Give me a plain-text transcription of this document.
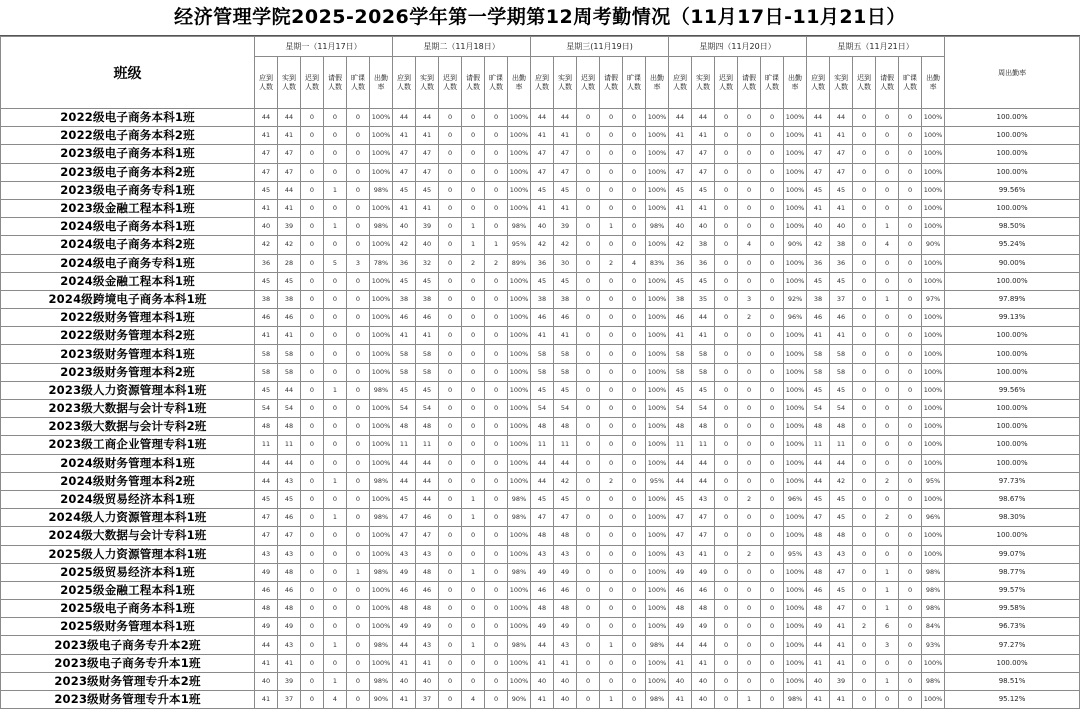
经济管理学院2025-2026学年第一学期第12周考勤情况（11月17日-11月21日）
班级	星期一（11月17日）						星期二（11月18日）						星期三(11月19日)						星期四（11月20日）						星期五（11月21日）						周出勤率
	应到人数	实到人数	迟到人数	请假人数	旷课人数	出勤率	应到人数	实到人数	迟到人数	请假人数	旷课人数	出勤率	应到人数	实到人数	迟到人数	请假人数	旷课人数	出勤率	应到人数	实到人数	迟到人数	请假人数	旷课人数	出勤率	应到人数	实到人数	迟到人数	请假人数	旷课人数	出勤率	
2022级电子商务本科1班	44	44	0	0	0	100%	44	44	0	0	0	100%	44	44	0	0	0	100%	44	44	0	0	0	100%	44	44	0	0	0	100%	100.00%
2022级电子商务本科2班	41	41	0	0	0	100%	41	41	0	0	0	100%	41	41	0	0	0	100%	41	41	0	0	0	100%	41	41	0	0	0	100%	100.00%
2023级电子商务本科1班	47	47	0	0	0	100%	47	47	0	0	0	100%	47	47	0	0	0	100%	47	47	0	0	0	100%	47	47	0	0	0	100%	100.00%
2023级电子商务本科2班	47	47	0	0	0	100%	47	47	0	0	0	100%	47	47	0	0	0	100%	47	47	0	0	0	100%	47	47	0	0	0	100%	100.00%
2023级电子商务专科1班	45	44	0	1	0	98%	45	45	0	0	0	100%	45	45	0	0	0	100%	45	45	0	0	0	100%	45	45	0	0	0	100%	99.56%
2023级金融工程本科1班	41	41	0	0	0	100%	41	41	0	0	0	100%	41	41	0	0	0	100%	41	41	0	0	0	100%	41	41	0	0	0	100%	100.00%
2024级电子商务本科1班	40	39	0	1	0	98%	40	39	0	1	0	98%	40	39	0	1	0	98%	40	40	0	0	0	100%	40	40	0	1	0	100%	98.50%
2024级电子商务本科2班	42	42	0	0	0	100%	42	40	0	1	1	95%	42	42	0	0	0	100%	42	38	0	4	0	90%	42	38	0	4	0	90%	95.24%
2024级电子商务专科1班	36	28	0	5	3	78%	36	32	0	2	2	89%	36	30	0	2	4	83%	36	36	0	0	0	100%	36	36	0	0	0	100%	90.00%
2024级金融工程本科1班	45	45	0	0	0	100%	45	45	0	0	0	100%	45	45	0	0	0	100%	45	45	0	0	0	100%	45	45	0	0	0	100%	100.00%
2024级跨境电子商务本科1班	38	38	0	0	0	100%	38	38	0	0	0	100%	38	38	0	0	0	100%	38	35	0	3	0	92%	38	37	0	1	0	97%	97.89%
2022级财务管理本科1班	46	46	0	0	0	100%	46	46	0	0	0	100%	46	46	0	0	0	100%	46	44	0	2	0	96%	46	46	0	0	0	100%	99.13%
2022级财务管理本科2班	41	41	0	0	0	100%	41	41	0	0	0	100%	41	41	0	0	0	100%	41	41	0	0	0	100%	41	41	0	0	0	100%	100.00%
2023级财务管理本科1班	58	58	0	0	0	100%	58	58	0	0	0	100%	58	58	0	0	0	100%	58	58	0	0	0	100%	58	58	0	0	0	100%	100.00%
2023级财务管理本科2班	58	58	0	0	0	100%	58	58	0	0	0	100%	58	58	0	0	0	100%	58	58	0	0	0	100%	58	58	0	0	0	100%	100.00%
2023级人力资源管理本科1班	45	44	0	1	0	98%	45	45	0	0	0	100%	45	45	0	0	0	100%	45	45	0	0	0	100%	45	45	0	0	0	100%	99.56%
2023级大数据与会计专科1班	54	54	0	0	0	100%	54	54	0	0	0	100%	54	54	0	0	0	100%	54	54	0	0	0	100%	54	54	0	0	0	100%	100.00%
2023级大数据与会计专科2班	48	48	0	0	0	100%	48	48	0	0	0	100%	48	48	0	0	0	100%	48	48	0	0	0	100%	48	48	0	0	0	100%	100.00%
2023级工商企业管理专科1班	11	11	0	0	0	100%	11	11	0	0	0	100%	11	11	0	0	0	100%	11	11	0	0	0	100%	11	11	0	0	0	100%	100.00%
2024级财务管理本科1班	44	44	0	0	0	100%	44	44	0	0	0	100%	44	44	0	0	0	100%	44	44	0	0	0	100%	44	44	0	0	0	100%	100.00%
2024级财务管理本科2班	44	43	0	1	0	98%	44	44	0	0	0	100%	44	42	0	2	0	95%	44	44	0	0	0	100%	44	42	0	2	0	95%	97.73%
2024级贸易经济本科1班	45	45	0	0	0	100%	45	44	0	1	0	98%	45	45	0	0	0	100%	45	43	0	2	0	96%	45	45	0	0	0	100%	98.67%
2024级人力资源管理本科1班	47	46	0	1	0	98%	47	46	0	1	0	98%	47	47	0	0	0	100%	47	47	0	0	0	100%	47	45	0	2	0	96%	98.30%
2024级大数据与会计专科1班	47	47	0	0	0	100%	47	47	0	0	0	100%	48	48	0	0	0	100%	47	47	0	0	0	100%	48	48	0	0	0	100%	100.00%
2025级人力资源管理本科1班	43	43	0	0	0	100%	43	43	0	0	0	100%	43	43	0	0	0	100%	43	41	0	2	0	95%	43	43	0	0	0	100%	99.07%
2025级贸易经济本科1班	49	48	0	0	1	98%	49	48	0	1	0	98%	49	49	0	0	0	100%	49	49	0	0	0	100%	48	47	0	1	0	98%	98.77%
2025级金融工程本科1班	46	46	0	0	0	100%	46	46	0	0	0	100%	46	46	0	0	0	100%	46	46	0	0	0	100%	46	45	0	1	0	98%	99.57%
2025级电子商务本科1班	48	48	0	0	0	100%	48	48	0	0	0	100%	48	48	0	0	0	100%	48	48	0	0	0	100%	48	47	0	1	0	98%	99.58%
2025级财务管理本科1班	49	49	0	0	0	100%	49	49	0	0	0	100%	49	49	0	0	0	100%	49	49	0	0	0	100%	49	41	2	6	0	84%	96.73%
2023级电子商务专升本2班	44	43	0	1	0	98%	44	43	0	1	0	98%	44	43	0	1	0	98%	44	44	0	0	0	100%	44	41	0	3	0	93%	97.27%
2023级电子商务专升本1班	41	41	0	0	0	100%	41	41	0	0	0	100%	41	41	0	0	0	100%	41	41	0	0	0	100%	41	41	0	0	0	100%	100.00%
2023级财务管理专升本2班	40	39	0	1	0	98%	40	40	0	0	0	100%	40	40	0	0	0	100%	40	40	0	0	0	100%	40	39	0	1	0	98%	98.51%
2023级财务管理专升本1班	41	37	0	4	0	90%	41	37	0	4	0	90%	41	40	0	1	0	98%	41	40	0	1	0	98%	41	41	0	0	0	100%	95.12%
